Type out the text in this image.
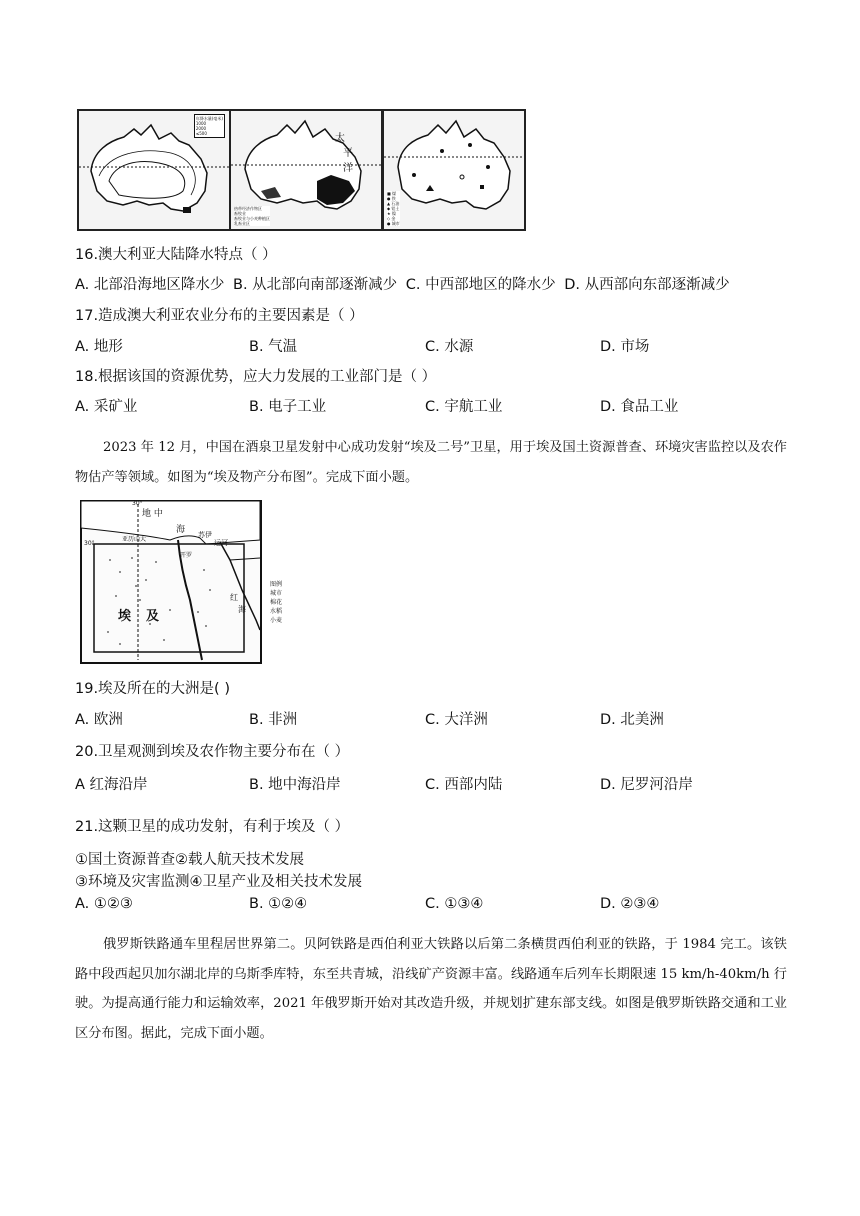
年降水量(毫米)
1000
2000
≤500	太
平
洋
热带经济作物区
畜牧业
畜牧业与小麦种植区
乳畜业区
■ 煤
● 铁
▲ 石油
◆ 铝土
★ 镍
◇ 金
● 城市
16.澳大利亚大陆降水特点（ ）
A. 北部沿海地区降水少 B. 从北部向南部逐渐减少 C. 中西部地区的降水少 D. 从西部向东部逐渐减少
17.造成澳大利亚农业分布的主要因素是（ ）
A. 地形	B. 气温	C. 水源	D. 市场
18.根据该国的资源优势，应大力发展的工业部门是（ ）
A. 采矿业	B. 电子工业	C. 宇航工业	D. 食品工业
2023 年 12 月，中国在酒泉卫星发射中心成功发射“埃及二号”卫星，用于埃及国土资源普查、环境灾害监控以及农作物估产等领域。如图为“埃及物产分布图”。完成下面小题。
地 中
海 苏伊
运河
红
海
埃 及
亚历山大
开罗
30°
30°
图例
城市
棉花
水稻
小麦
19.埃及所在的大洲是( )
A. 欧洲	B. 非洲	C. 大洋洲	D. 北美洲
20.卫星观测到埃及农作物主要分布在（ ）
A 红海沿岸	B. 地中海沿岸	C. 西部内陆	D. 尼罗河沿岸
21.这颗卫星的成功发射，有利于埃及（ ）
①国土资源普查②载人航天技术发展
③环境及灾害监测④卫星产业及相关技术发展
A. ①②③	B. ①②④	C. ①③④	D. ②③④
俄罗斯铁路通车里程居世界第二。贝阿铁路是西伯利亚大铁路以后第二条横贯西伯利亚的铁路，于 1984 完工。该铁路中段西起贝加尔湖北岸的乌斯季库特，东至共青城，沿线矿产资源丰富。线路通车后列车长期限速 15 km/h-40km/h 行驶。为提高通行能力和运输效率，2021 年俄罗斯开始对其改造升级，并规划扩建东部支线。如图是俄罗斯铁路交通和工业区分布图。据此，完成下面小题。
